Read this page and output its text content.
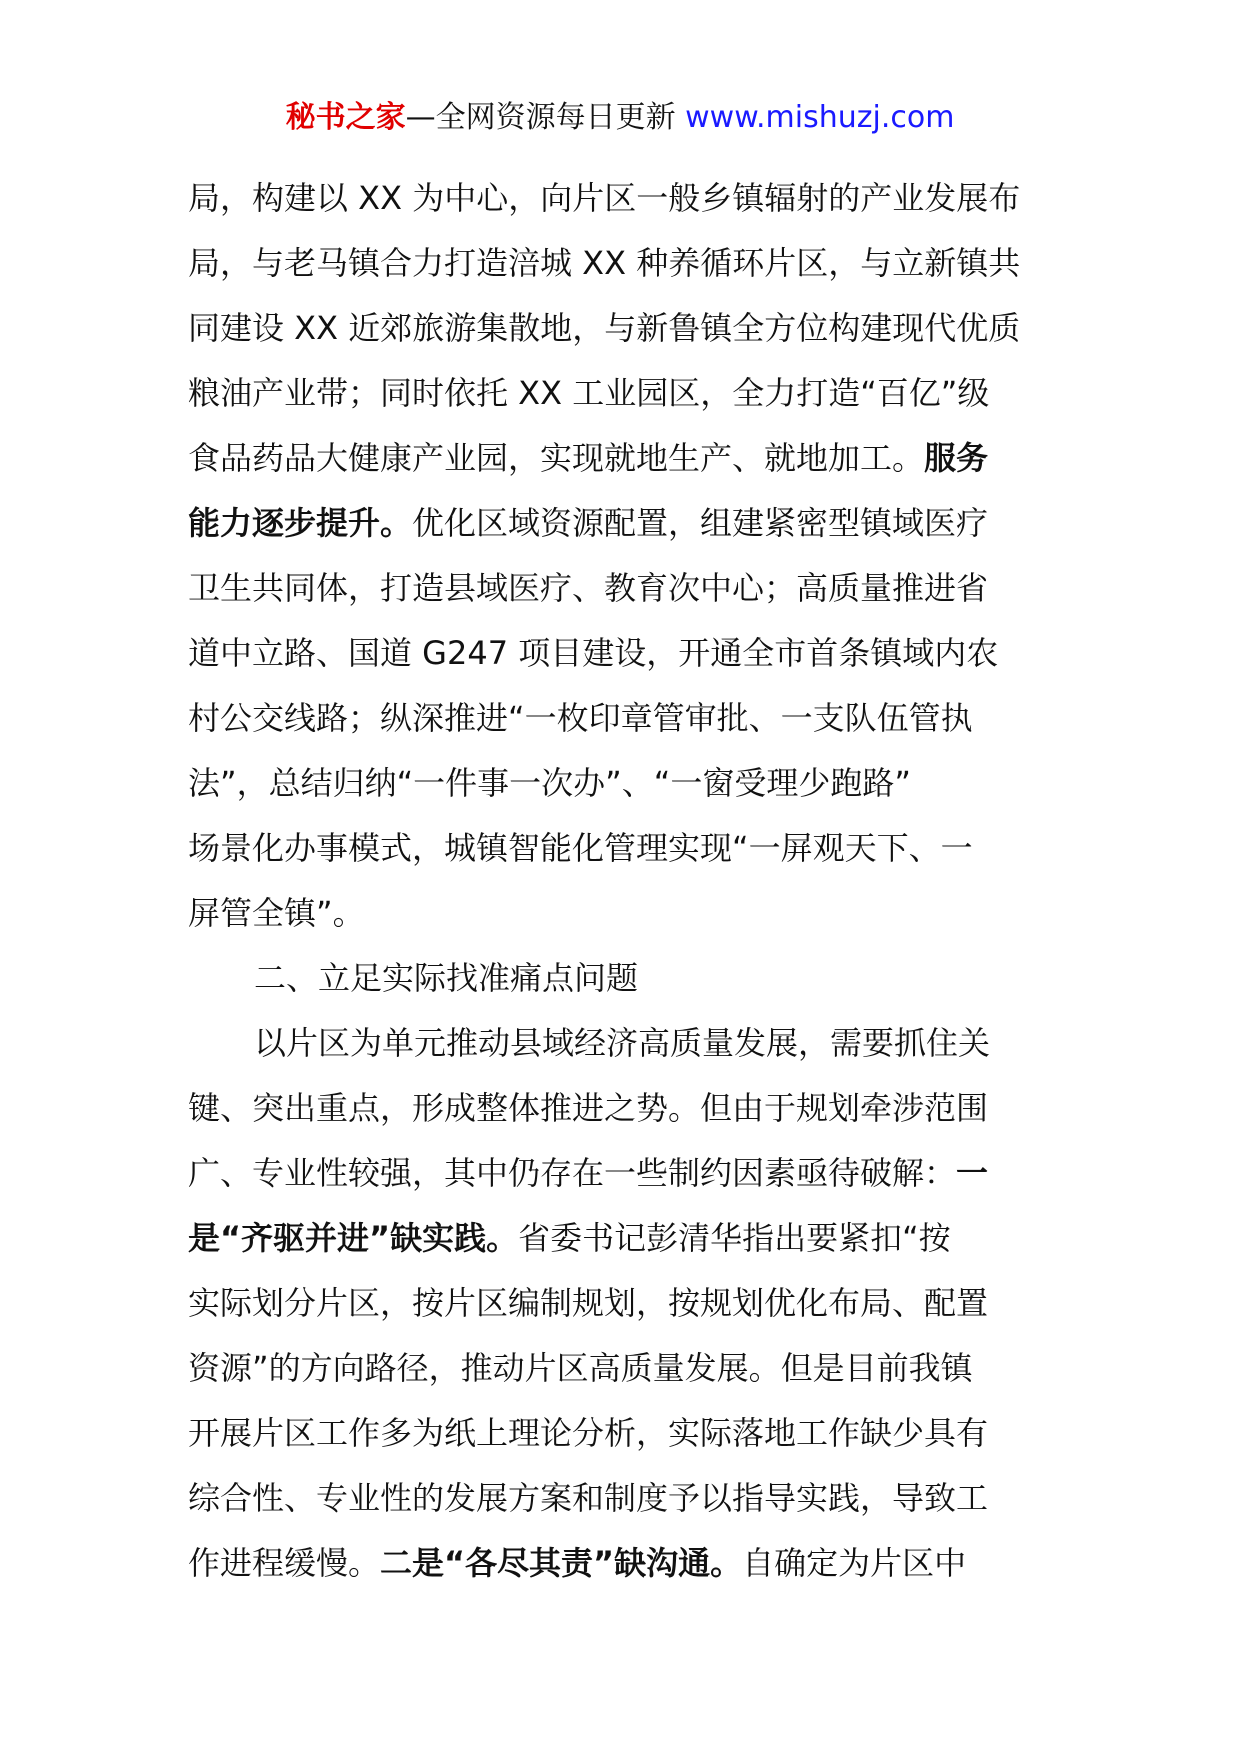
秘书之家—全网资源每日更新 www.mishuzj.com

局，构建以 XX 为中心，向片区一般乡镇辐射的产业发展布

局，与老马镇合力打造涪城 XX 种养循环片区，与立新镇共

同建设 XX 近郊旅游集散地，与新鲁镇全方位构建现代优质

粮油产业带；同时依托 XX 工业园区，全力打造“百亿”级

食品药品大健康产业园，实现就地生产、就地加工。服务

能力逐步提升。优化区域资源配置，组建紧密型镇域医疗

卫生共同体，打造县域医疗、教育次中心；高质量推进省

道中立路、国道 G247 项目建设，开通全市首条镇域内农

村公交线路；纵深推进“一枚印章管审批、一支队伍管执

法”，总结归纳“一件事一次办”、“一窗受理少跑路”

场景化办事模式，城镇智能化管理实现“一屏观天下、一

屏管全镇”。

二、立足实际找准痛点问题

以片区为单元推动县域经济高质量发展，需要抓住关

键、突出重点，形成整体推进之势。但由于规划牵涉范围

广、专业性较强，其中仍存在一些制约因素亟待破解：一

是“齐驱并进”缺实践。省委书记彭清华指出要紧扣“按

实际划分片区，按片区编制规划，按规划优化布局、配置

资源”的方向路径，推动片区高质量发展。但是目前我镇

开展片区工作多为纸上理论分析，实际落地工作缺少具有

综合性、专业性的发展方案和制度予以指导实践，导致工

作进程缓慢。二是“各尽其责”缺沟通。自确定为片区中
